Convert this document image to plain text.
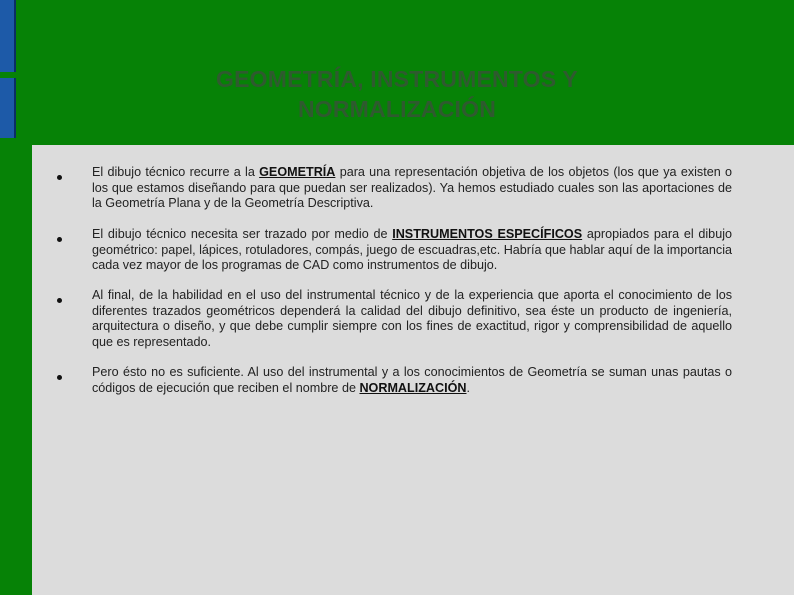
GEOMETRÍA, INSTRUMENTOS Y
NORMALIZACIÓN
El dibujo técnico recurre a la GEOMETRÍA para una representación objetiva de los objetos (los que ya existen o los que estamos diseñando para que puedan ser realizados). Ya hemos estudiado cuales son las aportaciones de la Geometría Plana y de la Geometría Descriptiva.
El dibujo técnico necesita ser trazado por medio de INSTRUMENTOS ESPECÍFICOS apropiados para el dibujo geométrico: papel, lápices, rotuladores, compás, juego de escuadras,etc. Habría que hablar aquí de la importancia cada vez mayor de los programas de CAD como instrumentos de dibujo.
Al final, de la habilidad en el uso del instrumental técnico y de la experiencia que aporta el conocimiento de los diferentes trazados geométricos dependerá la calidad del dibujo definitivo, sea éste un producto de ingeniería, arquitectura o diseño, y que debe cumplir siempre con los fines de exactitud, rigor y comprensibilidad de aquello que es representado.
Pero ésto no es suficiente. Al uso del instrumental y a los conocimientos de Geometría se suman unas pautas o códigos de ejecución que reciben el nombre de NORMALIZACIÓN.
